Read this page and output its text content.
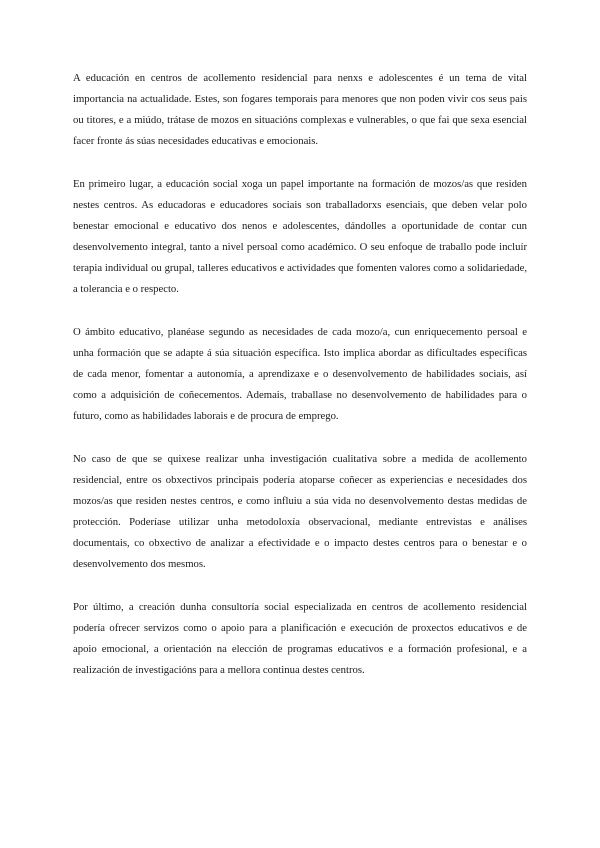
A educación en centros de acollemento residencial para nenxs e adolescentes é un tema de vital importancia na actualidade. Estes, son fogares temporais para menores que non poden vivir cos seus pais ou titores, e a miúdo, trátase de mozos en situacións complexas e vulnerables, o que fai que sexa esencial facer fronte ás súas necesidades educativas e emocionais.

En primeiro lugar, a educación social xoga un papel importante na formación de mozos/as que residen nestes centros. As educadoras e educadores sociais son traballadorxs esenciais, que deben velar polo benestar emocional e educativo dos nenos e adolescentes, dándolles a oportunidade de contar cun desenvolvemento integral, tanto a nivel persoal como académico. O seu enfoque de traballo pode incluír terapia individual ou grupal, talleres educativos e actividades que fomenten valores como a solidariedade, a tolerancia e o respecto.

O ámbito educativo, planéase segundo as necesidades de cada mozo/a, cun enriquecemento persoal e unha formación que se adapte á súa situación específica. Isto implica abordar as dificultades específicas de cada menor, fomentar a autonomía, a aprendizaxe e o desenvolvemento de habilidades sociais, así como a adquisición de coñecementos. Ademais, traballase no desenvolvemento de habilidades para o futuro, como as habilidades laborais e de procura de emprego.

No caso de que se quixese realizar unha investigación cualitativa sobre a medida de acollemento residencial, entre os obxectivos principais podería atoparse coñecer as experiencias e necesidades dos mozos/as que residen nestes centros, e como influiu a súa vida no desenvolvemento destas medidas de protección. Poderíase utilizar unha metodoloxía observacional, mediante entrevistas e análises documentais, co obxectivo de analizar a efectividade e o impacto destes centros para o benestar e o desenvolvemento dos mesmos.

Por último, a creación dunha consultoría social especializada en centros de acollemento residencial podería ofrecer servizos como o apoio para a planificación e execución de proxectos educativos e de apoio emocional, a orientación na elección de programas educativos e a formación profesional, e a realización de investigacións para a mellora continua destes centros.
